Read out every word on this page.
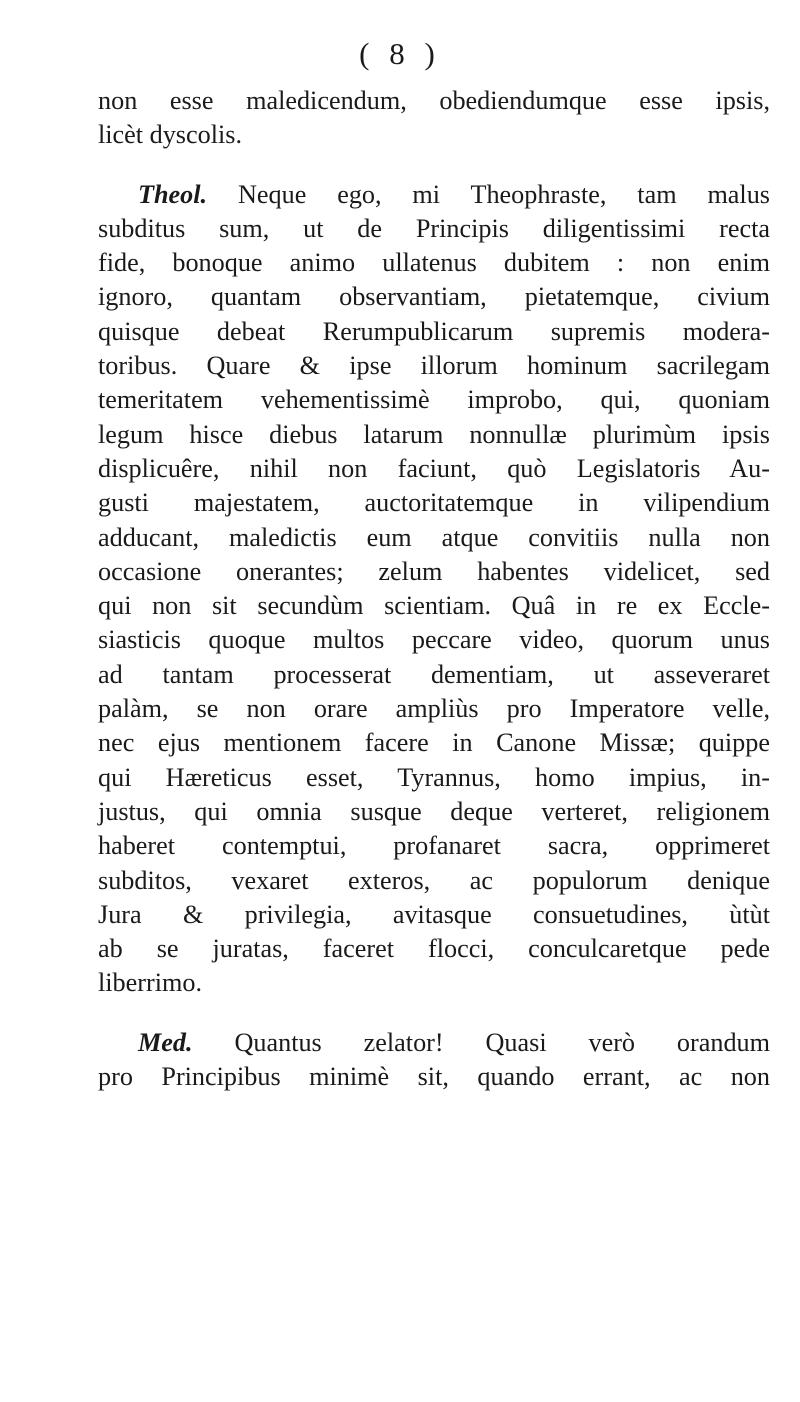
( 8 )
non esse maledicendum, obediendumque esse ipsis,
licèt dyscolis.
Theol. Neque ego, mi Theophraste, tam malus
subditus sum, ut de Principis diligentissimi recta
fide, bonoque animo ullatenus dubitem : non enim
ignoro, quantam observantiam, pietatemque, civium
quisque debeat Rerumpublicarum supremis modera-
toribus. Quare & ipse illorum hominum sacrilegam
temeritatem vehementissimè improbo, qui, quoniam
legum hisce diebus latarum nonnullæ plurimùm ipsis
displicuêre, nihil non faciunt, quò Legislatoris Au-
gusti majestatem, auctoritatemque in vilipendium
adducant, maledictis eum atque convitiis nulla non
occasione onerantes; zelum habentes videlicet, sed
qui non sit secundùm scientiam. Quâ in re ex Eccle-
siasticis quoque multos peccare video, quorum unus
ad tantam processerat dementiam, ut asseveraret
palàm, se non orare ampliùs pro Imperatore velle,
nec ejus mentionem facere in Canone Missæ; quippe
qui Hæreticus esset, Tyrannus, homo impius, in-
justus, qui omnia susque deque verteret, religionem
haberet contemptui, profanaret sacra, opprimeret
subditos, vexaret exteros, ac populorum denique
Jura & privilegia, avitasque consuetudines, ùtùt
ab se juratas, faceret flocci, conculcaretque pede
liberrimo.
Med. Quantus zelator! Quasi verò orandum
pro Principibus minimè sit, quando errant, ac non
